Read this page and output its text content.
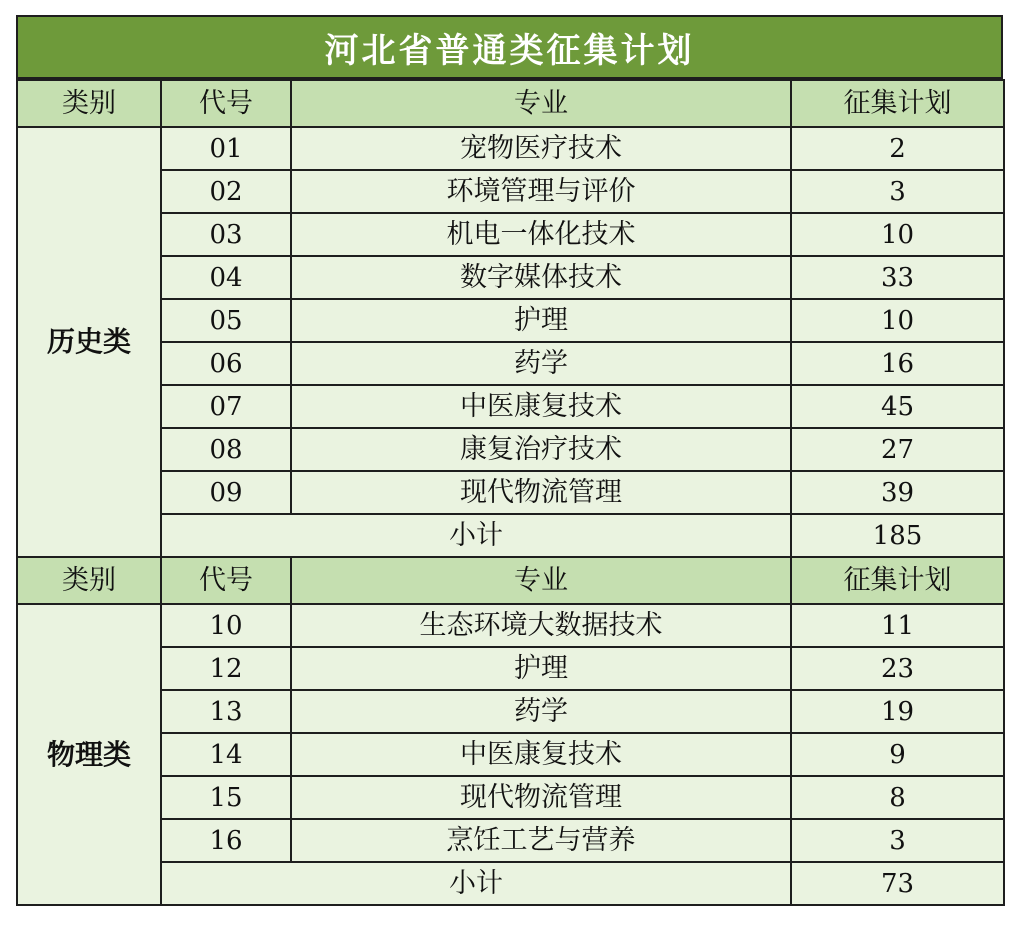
河北省普通类征集计划
类别	代号	专业	征集计划
历史类	01	宠物医疗技术	2
	02	环境管理与评价	3
	03	机电一体化技术	10
	04	数字媒体技术	33
	05	护理	10
	06	药学	16
	07	中医康复技术	45
	08	康复治疗技术	27
	09	现代物流管理	39
	小计		185
类别	代号	专业	征集计划
物理类	10	生态环境大数据技术	11
	12	护理	23
	13	药学	19
	14	中医康复技术	9
	15	现代物流管理	8
	16	烹饪工艺与营养	3
	小计		73
